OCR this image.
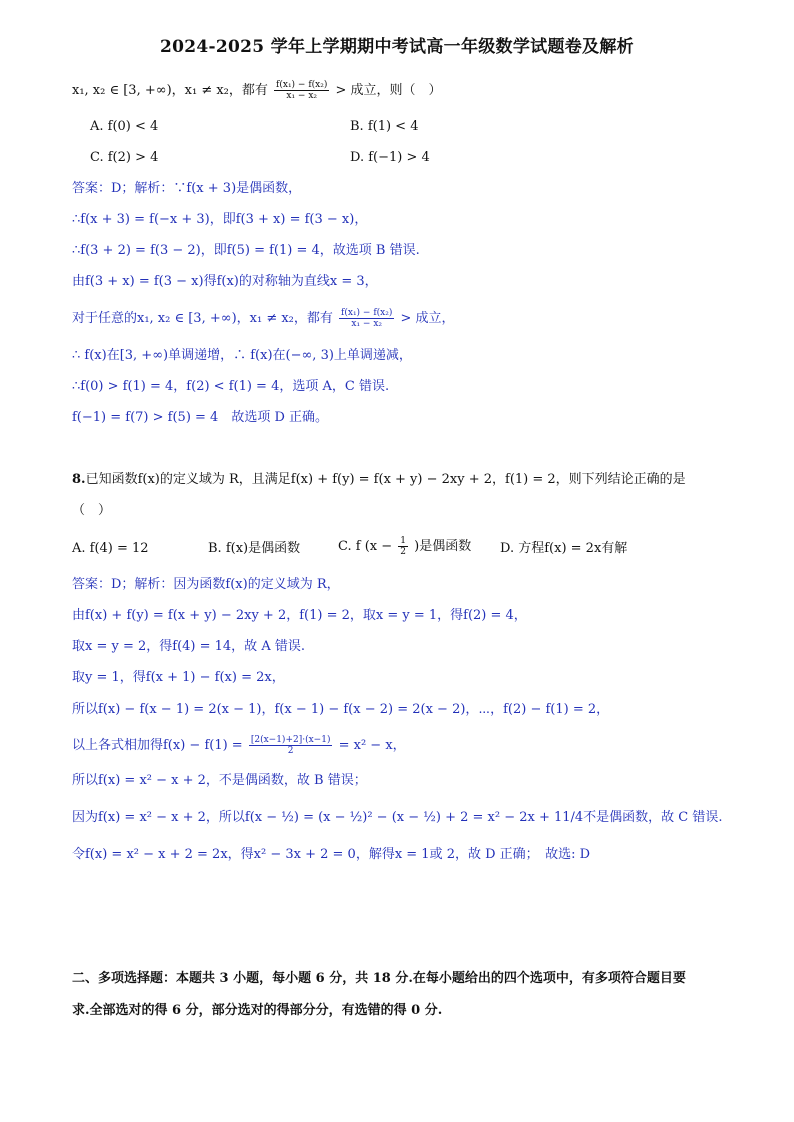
2024-2025 学年上学期期中考试高一年级数学试题卷及解析
x₁, x₂ ∈ [3, +∞)，x₁ ≠ x₂，都有 $\frac{\text{f(x₁) − f(x₂)}}{\text{x₁ − x₂}}$ > 成立，则（　）
A. f(0) < 4	B. f(1) < 4
C. f(2) > 4	D. f(−1) > 4
答案：D；解析：∵f(x + 3)是偶函数，
∴f(x + 3) = f(−x + 3)，即f(3 + x) = f(3 − x)，
∴f(3 + 2) = f(3 − 2)，即f(5) = f(1) = 4，故选项 B 错误.
由f(3 + x) = f(3 − x)得f(x)的对称轴为直线x = 3，
对于任意的x₁, x₂ ∈ [3, +∞)，x₁ ≠ x₂，都有 $\frac{\text{f(x₁) − f(x₂)}}{\text{x₁ − x₂}}$ > 成立，
∴ f(x)在[3, +∞)单调递增，∴ f(x)在(−∞, 3)上单调递减，
∴f(0) > f(1) = 4，f(2) < f(1) = 4，选项 A，C 错误.
f(−1) = f(7) > f(5) = 4　故选项 D 正确。
8.已知函数f(x)的定义域为 R，且满足f(x) + f(y) = f(x + y) − 2xy + 2，f(1) = 2，则下列结论正确的是
（　）
A. f(4) = 12	B. f(x)是偶函数	C. f ($x - \frac{1}{2}$ )是偶函数 D. 方程f(x) = 2x有解
答案：D；解析：因为函数f(x)的定义域为 R，
由f(x) + f(y) = f(x + y) − 2xy + 2，f(1) = 2，取x = y = 1，得f(2) = 4，
取x = y = 2，得f(4) = 14，故 A 错误.
取y = 1，得f(x + 1) − f(x) = 2x，
所以f(x) − f(x − 1) = 2(x − 1)，f(x − 1) − f(x − 2) = 2(x − 2)，⋯，f(2) − f(1) = 2，
以上各式相加得$f(x) - f(1) = \frac{[2(x-1)+2]\cdot(x-1)}{2} = x^2 - x$，
所以f(x) = x² − x + 2，不是偶函数，故 B 错误；
因为f(x) = x² − x + 2，所以f(x − ½) = (x − ½)² − (x − ½) + 2 = x² − 2x + 11/4不是偶函数，故 C 错误.
令f(x) = x² − x + 2 = 2x，得x² − 3x + 2 = 0，解得x = 1或 2，故 D 正确；　故选: D
二、多项选择题：本题共 3 小题，每小题 6 分，共 18 分.在每小题给出的四个选项中，有多项符合题目要
求.全部选对的得 6 分，部分选对的得部分分，有选错的得 0 分.
